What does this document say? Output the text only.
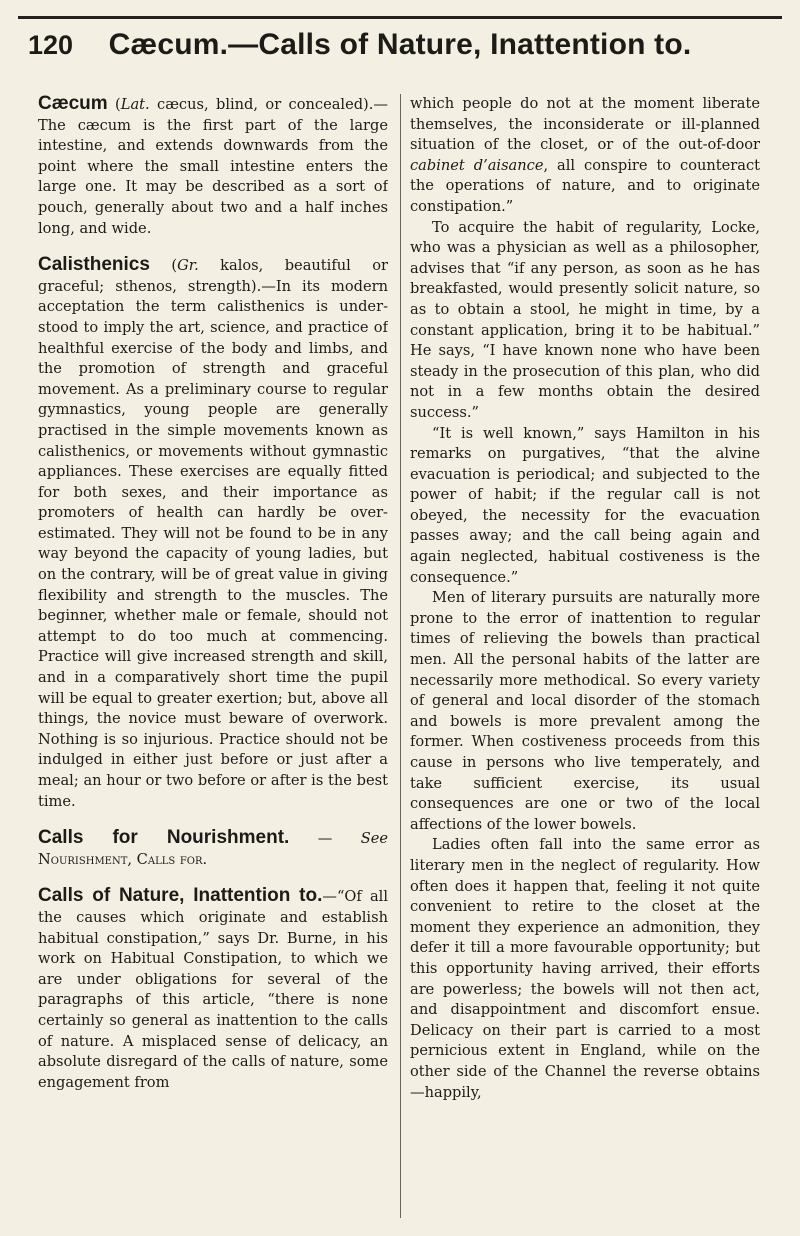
120	Cæcum.—Calls of Nature, Inattention to.

Cæcum (Lat. cæcus, blind, or concealed).—The cæcum is the first part of the large intestine, and extends downwards from the point where the small intestine enters the large one. It may be described as a sort of pouch, generally about two and a half inches long, and wide.

Calisthenics (Gr. kalos, beautiful or graceful; sthenos, strength).—In its modern acceptation the term calisthenics is understood to imply the art, science, and practice of healthful exercise of the body and limbs, and the promotion of strength and graceful movement. As a preliminary course to regular gymnastics, young people are generally practised in the simple movements known as calisthenics, or movements without gymnastic appliances. These exercises are equally fitted for both sexes, and their importance as promoters of health can hardly be over-estimated. They will not be found to be in any way beyond the capacity of young ladies, but on the contrary, will be of great value in giving flexibility and strength to the muscles. The beginner, whether male or female, should not attempt to do too much at commencing. Practice will give increased strength and skill, and in a comparatively short time the pupil will be equal to greater exertion; but, above all things, the novice must beware of overwork. Nothing is so injurious. Practice should not be indulged in either just before or just after a meal; an hour or two before or after is the best time.

Calls for Nourishment. — See Nourishment, Calls for.

Calls of Nature, Inattention to.—“Of all the causes which originate and establish habitual constipation,” says Dr. Burne, in his work on Habitual Constipation, to which we are under obligations for several of the paragraphs of this article, “there is none certainly so general as inattention to the calls of nature. A misplaced sense of delicacy, an absolute disregard of the calls of nature, some engagement from

which people do not at the moment liberate themselves, the inconsiderate or ill-planned situation of the closet, or of the out-of-door cabinet d’aisance, all conspire to counteract the operations of nature, and to originate constipation.”

To acquire the habit of regularity, Locke, who was a physician as well as a philosopher, advises that “if any person, as soon as he has breakfasted, would presently solicit nature, so as to obtain a stool, he might in time, by a constant application, bring it to be habitual.” He says, “I have known none who have been steady in the prosecution of this plan, who did not in a few months obtain the desired success.”

“It is well known,” says Hamilton in his remarks on purgatives, “that the alvine evacuation is periodical; and subjected to the power of habit; if the regular call is not obeyed, the necessity for the evacuation passes away; and the call being again and again neglected, habitual costiveness is the consequence.”

Men of literary pursuits are naturally more prone to the error of inattention to regular times of relieving the bowels than practical men. All the personal habits of the latter are necessarily more methodical. So every variety of general and local disorder of the stomach and bowels is more prevalent among the former. When costiveness proceeds from this cause in persons who live temperately, and take sufficient exercise, its usual consequences are one or two of the local affections of the lower bowels.

Ladies often fall into the same error as literary men in the neglect of regularity. How often does it happen that, feeling it not quite convenient to retire to the closet at the moment they experience an admonition, they defer it till a more favourable opportunity; but this opportunity having arrived, their efforts are powerless; the bowels will not then act, and disappointment and discomfort ensue. Delicacy on their part is carried to a most pernicious extent in England, while on the other side of the Channel the reverse obtains—happily,
